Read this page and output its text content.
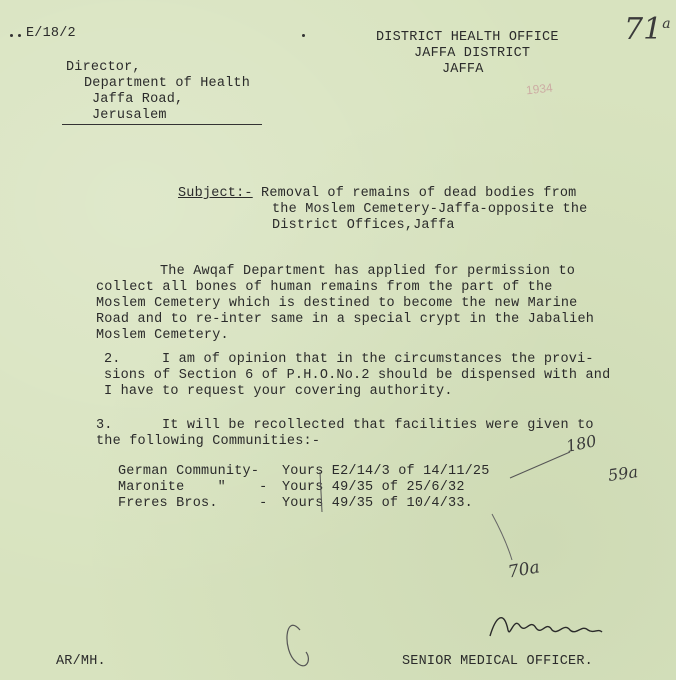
E/18/2	DISTRICT HEALTH OFFICE
JAFFA DISTRICT
JAFFA
71$^a$
1934
Director,
Department of Health
Jaffa Road,
Jerusalem
Subject:- Removal of remains of dead bodies from
the Moslem Cemetery-Jaffa-opposite the
District Offices,Jaffa
The Awqaf Department has applied for permission to
collect all bones of human remains from the part of the
Moslem Cemetery which is destined to become the new Marine
Road and to re-inter same in a special crypt in the Jabalieh
Moslem Cemetery.
2.	I am of opinion that in the circumstances the provi-
sions of Section 6 of P.H.O.No.2 should be dispensed with and
I have to request your covering authority.
3.	It will be recollected that facilities were given to
the following Communities:-
German Community- Yours E2/14/3 of 14/11/25
Maronite    "    - Yours 49/35 of 25/6/32
Freres Bros.     - Yours 49/35 of 10/4/33.
180
59a
70a
AR/MH.	SENIOR MEDICAL OFFICER.
